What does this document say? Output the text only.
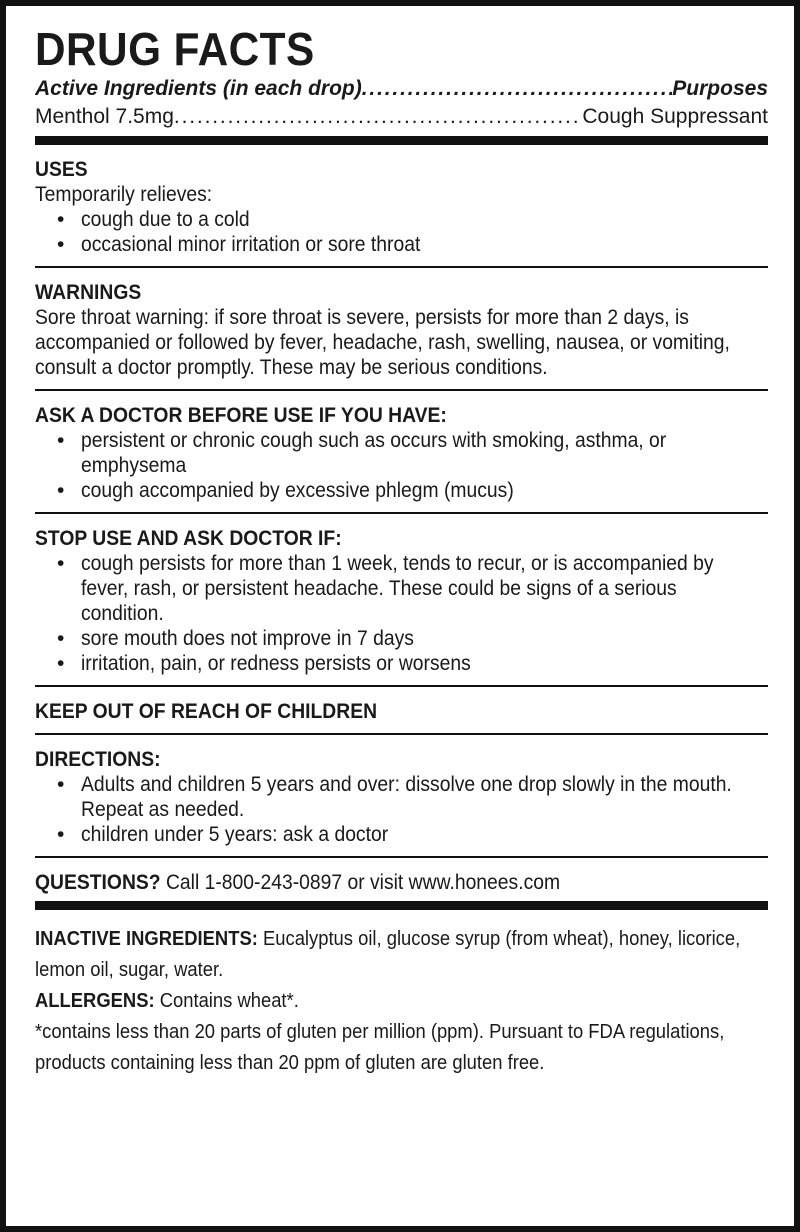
DRUG FACTS
Active Ingredients (in each drop) . . .	Purposes
Menthol 7.5mg . . .	Cough Suppressant
USES
Temporarily relieves:
• cough due to a cold
• occasional minor irritation or sore throat
WARNINGS
Sore throat warning: if sore throat is severe, persists for more than 2 days, is accompanied or followed by fever, headache, rash, swelling, nausea, or vomiting, consult a doctor promptly. These may be serious conditions.
ASK A DOCTOR BEFORE USE IF YOU HAVE:
• persistent or chronic cough such as occurs with smoking, asthma, or emphysema
• cough accompanied by excessive phlegm (mucus)
STOP USE AND ASK DOCTOR IF:
• cough persists for more than 1 week, tends to recur, or is accompanied by fever, rash, or persistent headache. These could be signs of a serious condition.
• sore mouth does not improve in 7 days
• irritation, pain, or redness persists or worsens
KEEP OUT OF REACH OF CHILDREN
DIRECTIONS:
• Adults and children 5 years and over: dissolve one drop slowly in the mouth. Repeat as needed.
• children under 5 years: ask a doctor
QUESTIONS? Call 1-800-243-0897 or visit www.honees.com
INACTIVE INGREDIENTS: Eucalyptus oil, glucose syrup (from wheat), honey, licorice, lemon oil, sugar, water.
ALLERGENS: Contains wheat*.
*contains less than 20 parts of gluten per million (ppm). Pursuant to FDA regulations, products containing less than 20 ppm of gluten are gluten free.
